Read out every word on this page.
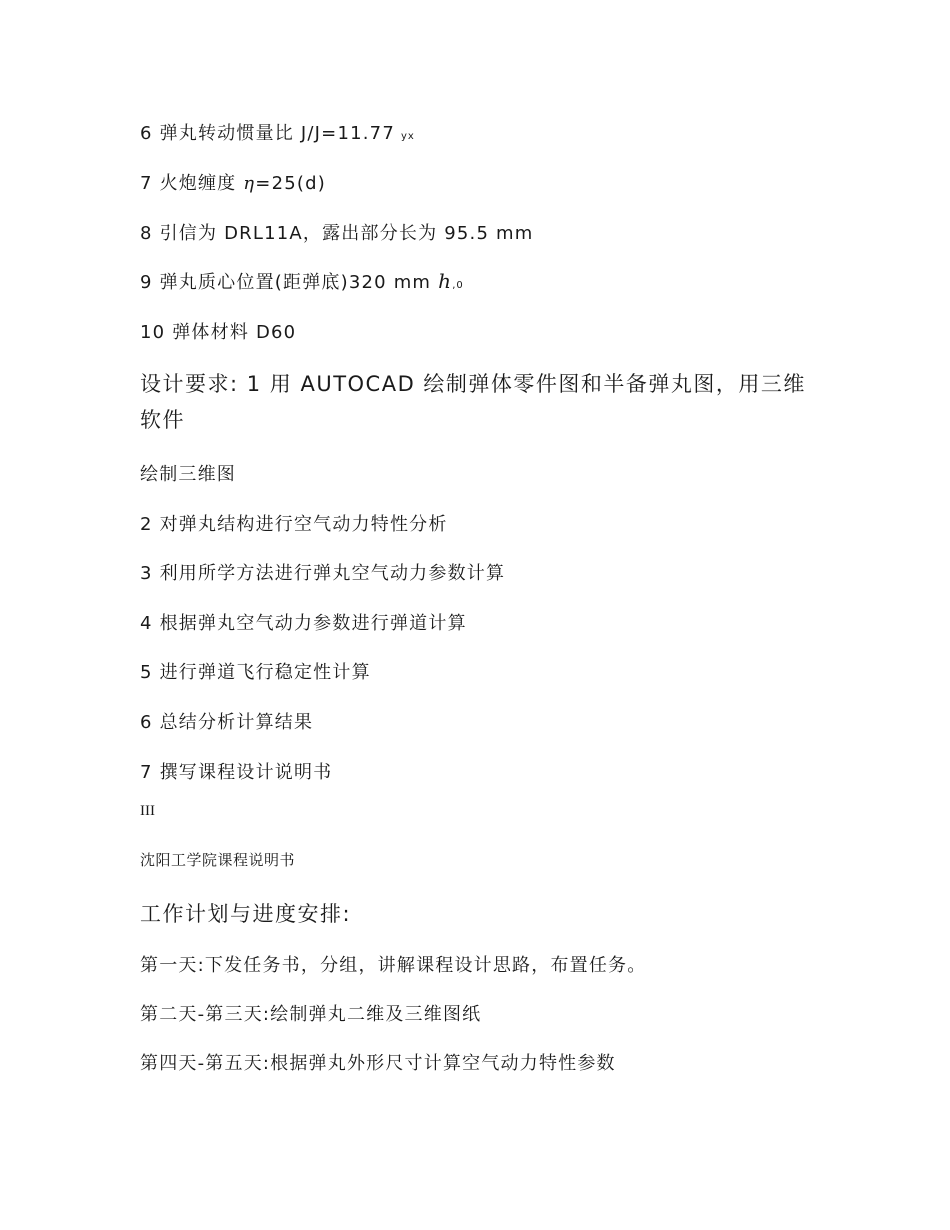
6 弹丸转动惯量比 J/J=11.77 yx
7 火炮缠度 η=25(d)
8 引信为 DRL11A，露出部分长为 95.5 mm
9 弹丸质心位置(距弹底)320 mm h,0
10 弹体材料 D60
设计要求: 1 用 AUTOCAD 绘制弹体零件图和半备弹丸图，用三维软件
绘制三维图
2 对弹丸结构进行空气动力特性分析
3 利用所学方法进行弹丸空气动力参数计算
4 根据弹丸空气动力参数进行弹道计算
5 进行弹道飞行稳定性计算
6 总结分析计算结果
7 撰写课程设计说明书
III
沈阳工学院课程说明书
工作计划与进度安排:
第一天:下发任务书，分组，讲解课程设计思路，布置任务。
第二天-第三天:绘制弹丸二维及三维图纸
第四天-第五天:根据弹丸外形尺寸计算空气动力特性参数
